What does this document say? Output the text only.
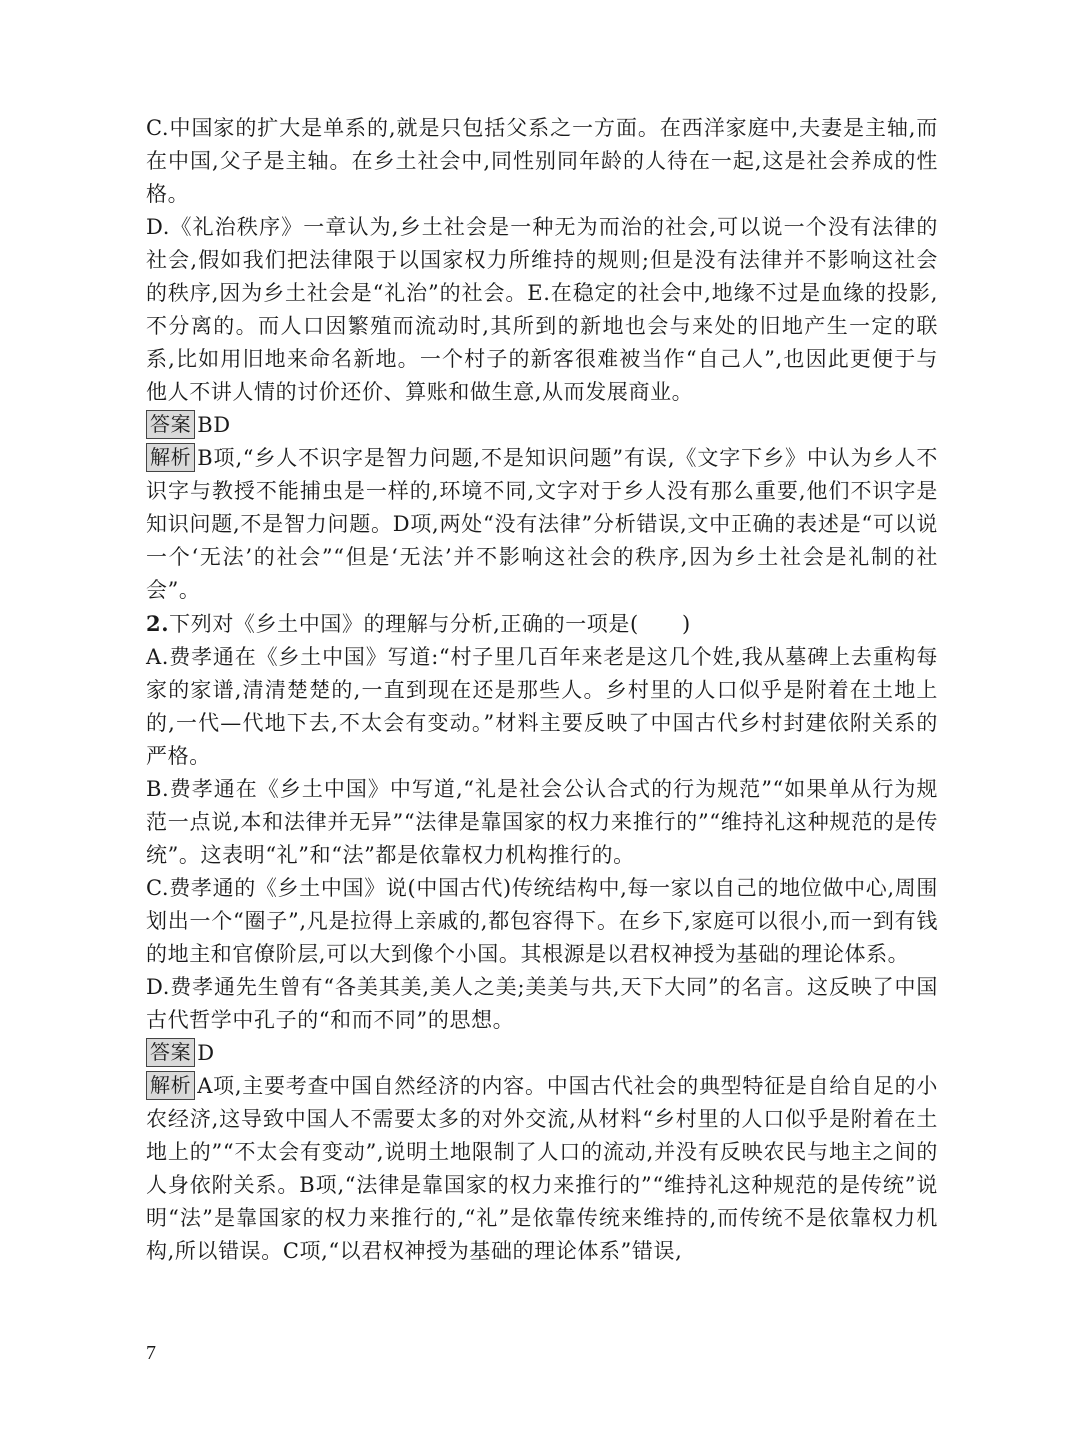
C.中国家的扩大是单系的,就是只包括父系之一方面。在西洋家庭中,夫妻是主轴,而在中国,父子是主轴。在乡土社会中,同性别同年龄的人待在一起,这是社会养成的性格。

D.《礼治秩序》一章认为,乡土社会是一种无为而治的社会,可以说一个没有法律的社会,假如我们把法律限于以国家权力所维持的规则;但是没有法律并不影响这社会的秩序,因为乡土社会是“礼治”的社会。E.在稳定的社会中,地缘不过是血缘的投影,不分离的。而人口因繁殖而流动时,其所到的新地也会与来处的旧地产生一定的联系,比如用旧地来命名新地。一个村子的新客很难被当作“自己人”,也因此更便于与他人不讲人情的讨价还价、算账和做生意,从而发展商业。

答案 BD

解析 B项,“乡人不识字是智力问题,不是知识问题”有误,《文字下乡》中认为乡人不识字与教授不能捕虫是一样的,环境不同,文字对于乡人没有那么重要,他们不识字是知识问题,不是智力问题。D项,两处“没有法律”分析错误,文中正确的表述是“可以说一个‘无法’的社会”“但是‘无法’并不影响这社会的秩序,因为乡土社会是礼制的社会”。

2.下列对《乡土中国》的理解与分析,正确的一项是(　　)

A.费孝通在《乡土中国》写道:“村子里几百年来老是这几个姓,我从墓碑上去重构每家的家谱,清清楚楚的,一直到现在还是那些人。乡村里的人口似乎是附着在土地上的,一代—代地下去,不太会有变动。”材料主要反映了中国古代乡村封建依附关系的严格。

B.费孝通在《乡土中国》中写道,“礼是社会公认合式的行为规范”“如果单从行为规范一点说,本和法律并无异”“法律是靠国家的权力来推行的”“维持礼这种规范的是传统”。这表明“礼”和“法”都是依靠权力机构推行的。

C.费孝通的《乡土中国》说(中国古代)传统结构中,每一家以自己的地位做中心,周围划出一个“圈子”,凡是拉得上亲戚的,都包容得下。在乡下,家庭可以很小,而一到有钱的地主和官僚阶层,可以大到像个小国。其根源是以君权神授为基础的理论体系。

D.费孝通先生曾有“各美其美,美人之美;美美与共,天下大同”的名言。这反映了中国古代哲学中孔子的“和而不同”的思想。

答案 D

解析 A项,主要考查中国自然经济的内容。中国古代社会的典型特征是自给自足的小农经济,这导致中国人不需要太多的对外交流,从材料“乡村里的人口似乎是附着在土地上的”“不太会有变动”,说明土地限制了人口的流动,并没有反映农民与地主之间的人身依附关系。B项,“法律是靠国家的权力来推行的”“维持礼这种规范的是传统”说明“法”是靠国家的权力来推行的,“礼”是依靠传统来维持的,而传统不是依靠权力机构,所以错误。C项,“以君权神授为基础的理论体系”错误,

7
